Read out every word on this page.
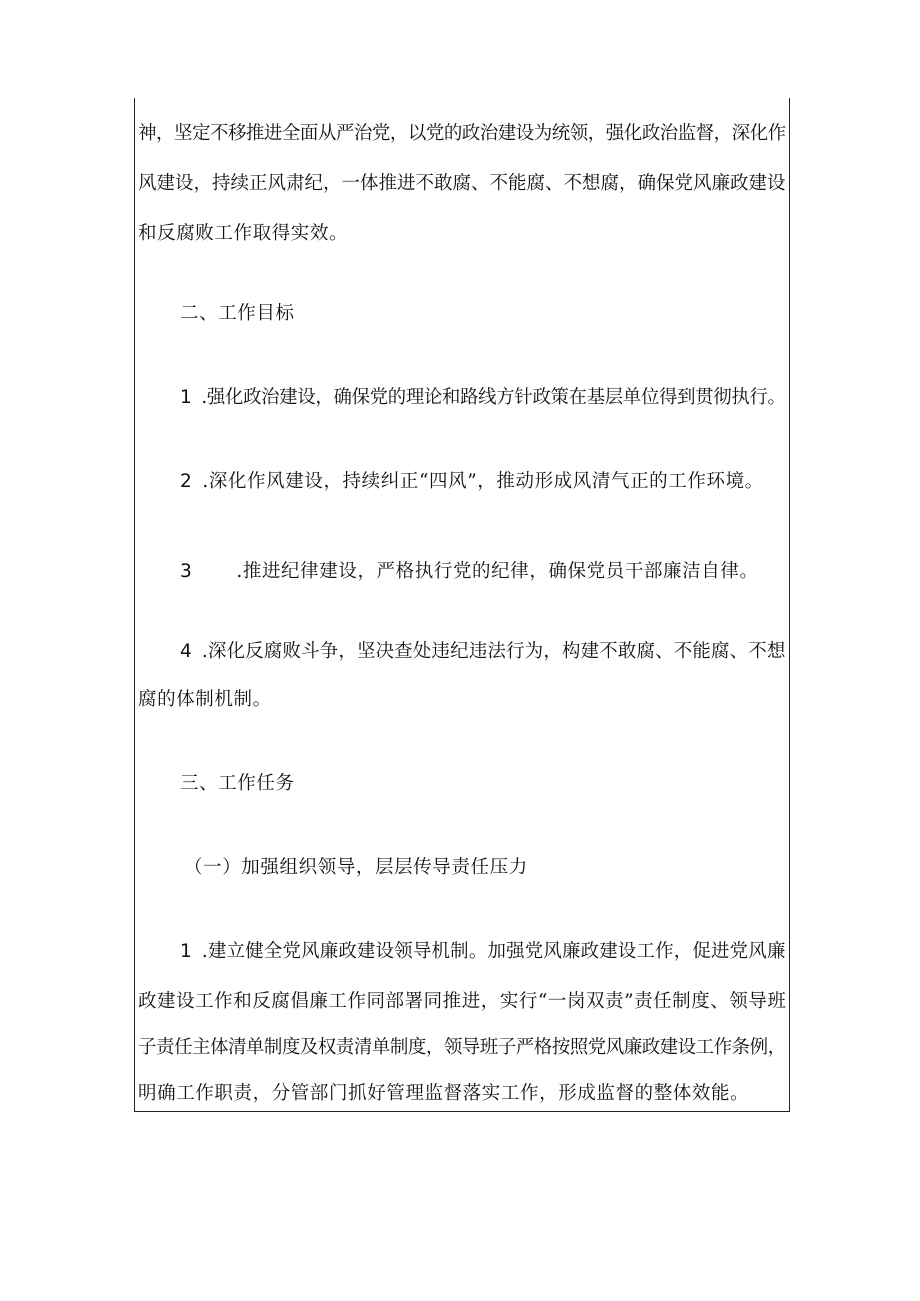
神，坚定不移推进全面从严治党，以党的政治建设为统领，强化政治监督，深化作
风建设，持续正风肃纪，一体推进不敢腐、不能腐、不想腐，确保党风廉政建设
和反腐败工作取得实效。
二、工作目标
1 .强化政治建设，确保党的理论和路线方针政策在基层单位得到贯彻执行。
2 .深化作风建设，持续纠正“四风”，推动形成风清气正的工作环境。
3 .推进纪律建设，严格执行党的纪律，确保党员干部廉洁自律。
4 .深化反腐败斗争，坚决查处违纪违法行为，构建不敢腐、不能腐、不想
腐的体制机制。
三、工作任务
（一）加强组织领导，层层传导责任压力
1 .建立健全党风廉政建设领导机制。加强党风廉政建设工作，促进党风廉
政建设工作和反腐倡廉工作同部署同推进，实行“一岗双责”责任制度、领导班
子责任主体清单制度及权责清单制度，领导班子严格按照党风廉政建设工作条例，
明确工作职责，分管部门抓好管理监督落实工作，形成监督的整体效能。
